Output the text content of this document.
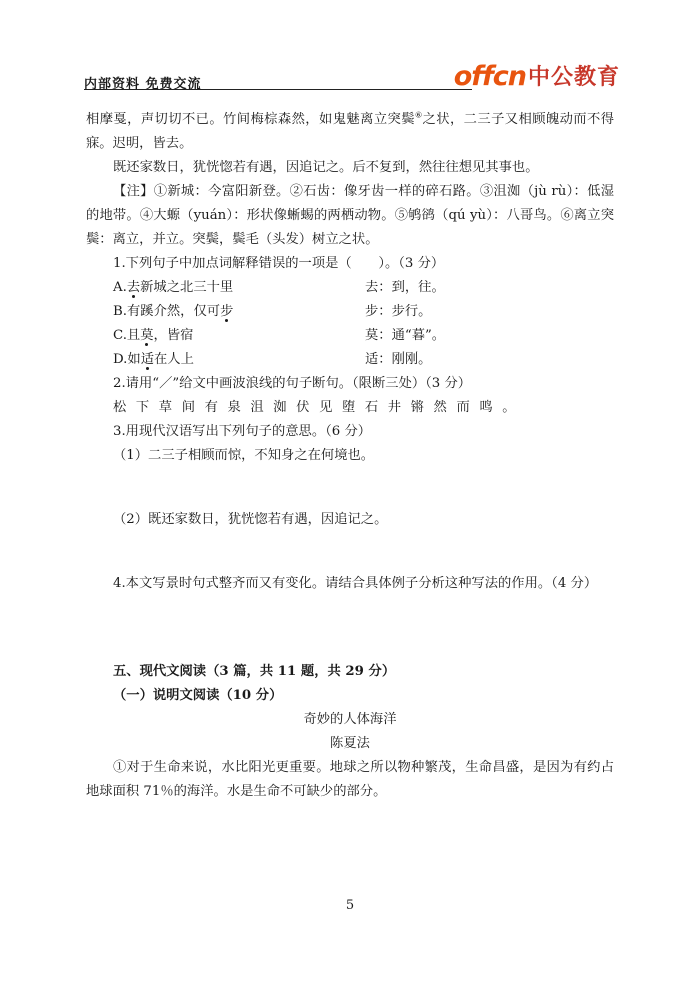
内部资料 免费交流	offcn 中公教育

相摩戛，声切切不已。竹间梅棕森然，如鬼魅离立突鬓⑥之状，二三子又相顾魄动而不得寐。迟明，皆去。

既还家数日，犹恍惚若有遇，因追记之。后不复到，然往往想见其事也。

【注】①新城：今富阳新登。②石齿：像牙齿一样的碎石路。③沮洳（jù rù）：低湿的地带。④大螈（yuán）：形状像蜥蜴的两栖动物。⑤鸲鹆（qú yù）：八哥鸟。⑥离立突鬓：离立，并立。突鬓，鬓毛（头发）树立之状。

1.下列句子中加点词解释错误的一项是（　　）。（3 分）

A.去新城之北三十里	去：到，往。
B.有蹊介然，仅可步	步：步行。
C.且莫，皆宿	莫：通“暮”。
D.如适在人上	适：刚刚。

2.请用“／”给文中画波浪线的句子断句。（限断三处）（3 分）

松下草间有泉沮洳伏见堕石井锵然而鸣。

3.用现代汉语写出下列句子的意思。（6 分）

（1）二三子相顾而惊，不知身之在何境也。

（2）既还家数日，犹恍惚若有遇，因追记之。

4.本文写景时句式整齐而又有变化。请结合具体例子分析这种写法的作用。（4 分）

五、现代文阅读（3 篇，共 11 题，共 29 分）

（一）说明文阅读（10 分）

奇妙的人体海洋

陈夏法

①对于生命来说，水比阳光更重要。地球之所以物种繁茂，生命昌盛，是因为有约占地球面积 71％的海洋。水是生命不可缺少的部分。

5
